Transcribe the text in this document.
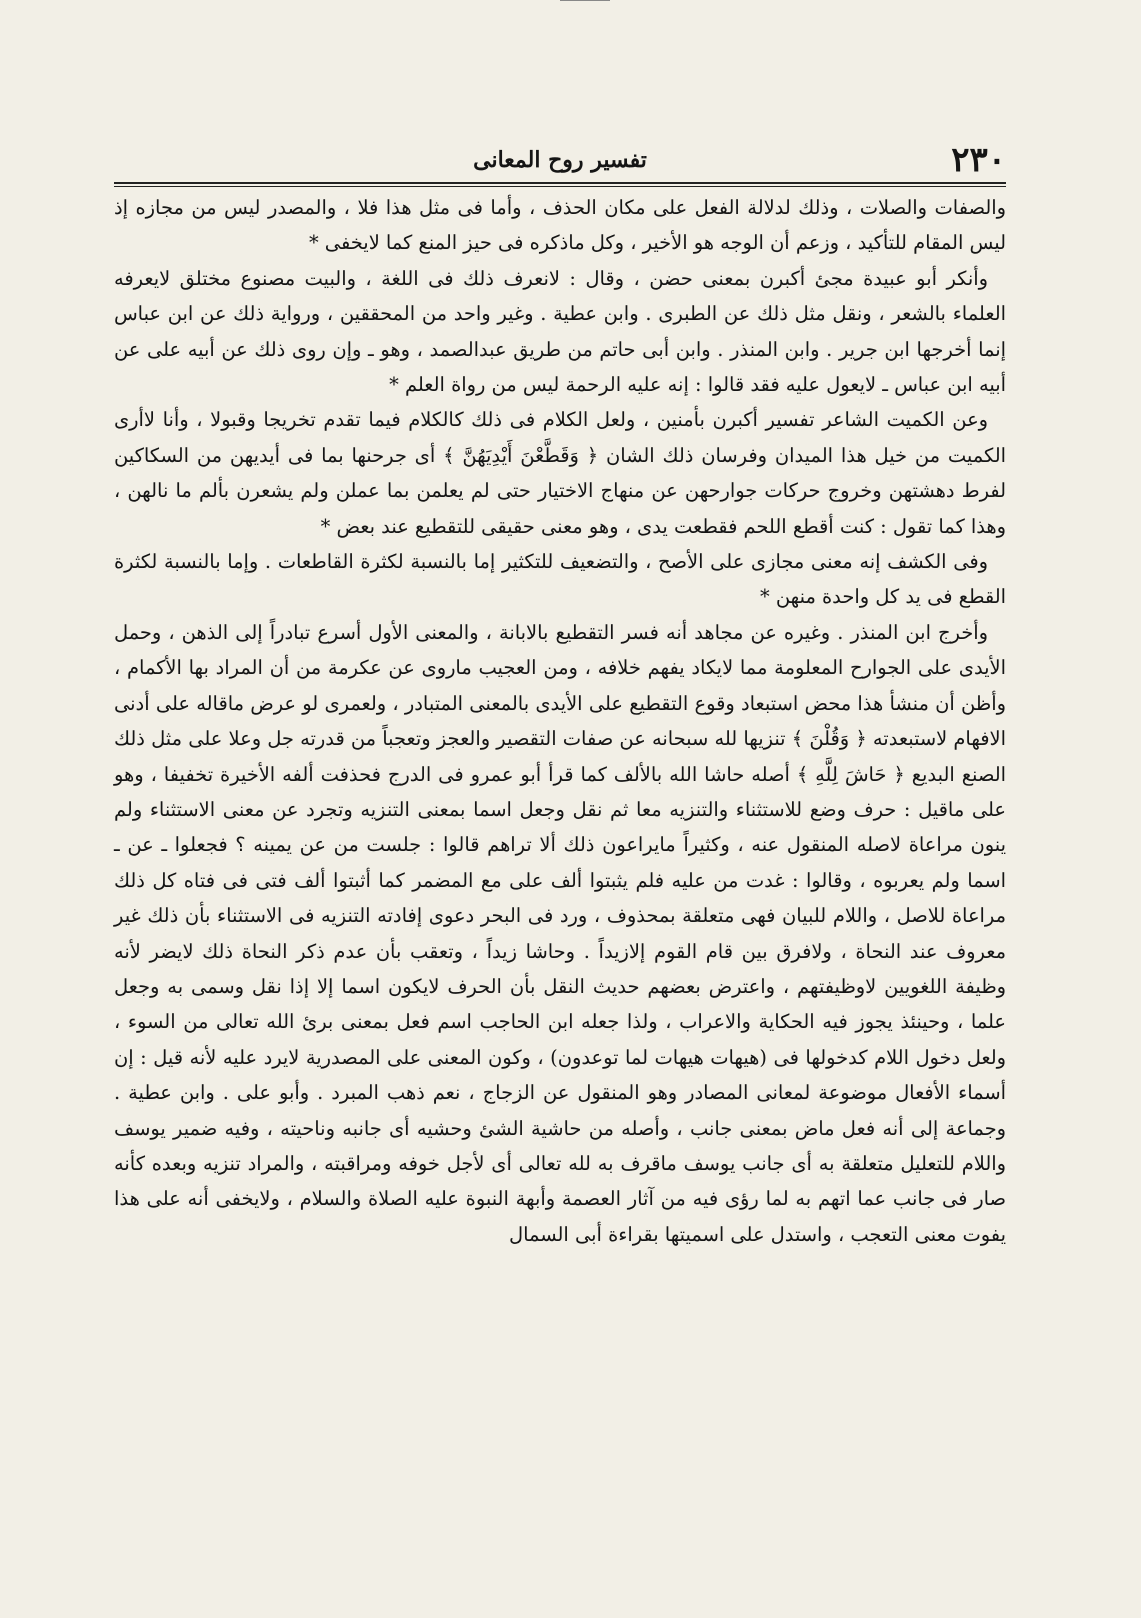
٢٣٠
تفسير روح المعانى

والصفات والصلات ، وذلك لدلالة الفعل على مكان الحذف ، وأما فى مثل هذا فلا ، والمصدر ليس من مجازه إذ ليس المقام للتأكيد ، وزعم أن الوجه هو الأخير ، وكل ماذكره فى حيز المنع كما لايخفى *

وأنكر أبو عبيدة مجئ أكبرن بمعنى حضن ، وقال : لانعرف ذلك فى اللغة ، والبيت مصنوع مختلق لايعرفه العلماء بالشعر ، ونقل مثل ذلك عن الطبرى . وابن عطية . وغير واحد من المحققين ، ورواية ذلك عن ابن عباس إنما أخرجها ابن جرير . وابن المنذر . وابن أبى حاتم من طريق عبدالصمد ، وهو ـ وإن روى ذلك عن أبيه على عن أبيه ابن عباس ـ لايعول عليه فقد قالوا : إنه عليه الرحمة ليس من رواة العلم *

وعن الكميت الشاعر تفسير أكبرن بأمنين ، ولعل الكلام فى ذلك كالكلام فيما تقدم تخريجا وقبولا ، وأنا لاأرى الكميت من خيل هذا الميدان وفرسان ذلك الشان ﴿ وَقَطَّعْنَ أَيْدِيَهُنَّ ﴾ أى جرحنها بما فى أيديهن من السكاكين لفرط دهشتهن وخروج حركات جوارحهن عن منهاج الاختيار حتى لم يعلمن بما عملن ولم يشعرن بألم ما نالهن ، وهذا كما تقول : كنت أقطع اللحم فقطعت يدى ، وهو معنى حقيقى للتقطيع عند بعض *

وفى الكشف إنه معنى مجازى على الأصح ، والتضعيف للتكثير إما بالنسبة لكثرة القاطعات . وإما بالنسبة لكثرة القطع فى يد كل واحدة منهن *

وأخرج ابن المنذر . وغيره عن مجاهد أنه فسر التقطيع بالابانة ، والمعنى الأول أسرع تبادراً إلى الذهن ، وحمل الأيدى على الجوارح المعلومة مما لايكاد يفهم خلافه ، ومن العجيب ماروى عن عكرمة من أن المراد بها الأكمام ، وأظن أن منشأ هذا محض استبعاد وقوع التقطيع على الأيدى بالمعنى المتبادر ، ولعمرى لو عرض ماقاله على أدنى الافهام لاستبعدته ﴿ وَقُلْنَ ﴾ تنزيها لله سبحانه عن صفات التقصير والعجز وتعجباً من قدرته جل وعلا على مثل ذلك الصنع البديع ﴿ حَاشَ لِلَّهِ ﴾ أصله حاشا الله بالألف كما قرأ أبو عمرو فى الدرج فحذفت ألفه الأخيرة تخفيفا ، وهو على ماقيل : حرف وضع للاستثناء والتنزيه معا ثم نقل وجعل اسما بمعنى التنزيه وتجرد عن معنى الاستثناء ولم ينون مراعاة لاصله المنقول عنه ، وكثيراً مايراعون ذلك ألا تراهم قالوا : جلست من عن يمينه ؟ فجعلوا ـ عن ـ اسما ولم يعربوه ، وقالوا : غدت من عليه فلم يثبتوا ألف على مع المضمر كما أثبتوا ألف فتى فى فتاه كل ذلك مراعاة للاصل ، واللام للبيان فهى متعلقة بمحذوف ، ورد فى البحر دعوى إفادته التنزيه فى الاستثناء بأن ذلك غير معروف عند النحاة ، ولافرق بين قام القوم إلازيداً . وحاشا زيداً ، وتعقب بأن عدم ذكر النحاة ذلك لايضر لأنه وظيفة اللغويين لاوظيفتهم ، واعترض بعضهم حديث النقل بأن الحرف لايكون اسما إلا إذا نقل وسمى به وجعل علما ، وحينئذ يجوز فيه الحكاية والاعراب ، ولذا جعله ابن الحاجب اسم فعل بمعنى برئ الله تعالى من السوء ، ولعل دخول اللام كدخولها فى (هيهات هيهات لما توعدون) ، وكون المعنى على المصدرية لايرد عليه لأنه قيل : إن أسماء الأفعال موضوعة لمعانى المصادر وهو المنقول عن الزجاج ، نعم ذهب المبرد . وأبو على . وابن عطية . وجماعة إلى أنه فعل ماض بمعنى جانب ، وأصله من حاشية الشئ وحشيه أى جانبه وناحيته ، وفيه ضمير يوسف واللام للتعليل متعلقة به أى جانب يوسف ماقرف به لله تعالى أى لأجل خوفه ومراقبته ، والمراد تنزيه وبعده كأنه صار فى جانب عما اتهم به لما رؤى فيه من آثار العصمة وأبهة النبوة عليه الصلاة والسلام ، ولايخفى أنه على هذا يفوت معنى التعجب ، واستدل على اسميتها بقراءة أبى السمال
